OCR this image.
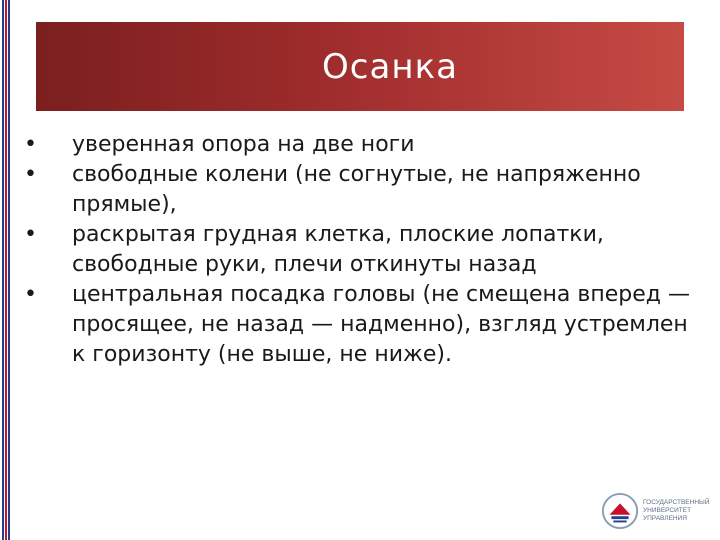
Осанка
•	уверенная опора на две ноги
•	свободные колени (не согнутые, не напряженно прямые),
•	раскрытая грудная клетка, плоские лопатки, свободные руки, плечи откинуты назад
•	центральная посадка головы (не смещена вперед — просящее, не назад — надменно), взгляд устремлен к горизонту (не выше, не ниже).
ГОСУДАРСТВЕННЫЙ
УНИВЕРСИТЕТ
УПРАВЛЕНИЯ
